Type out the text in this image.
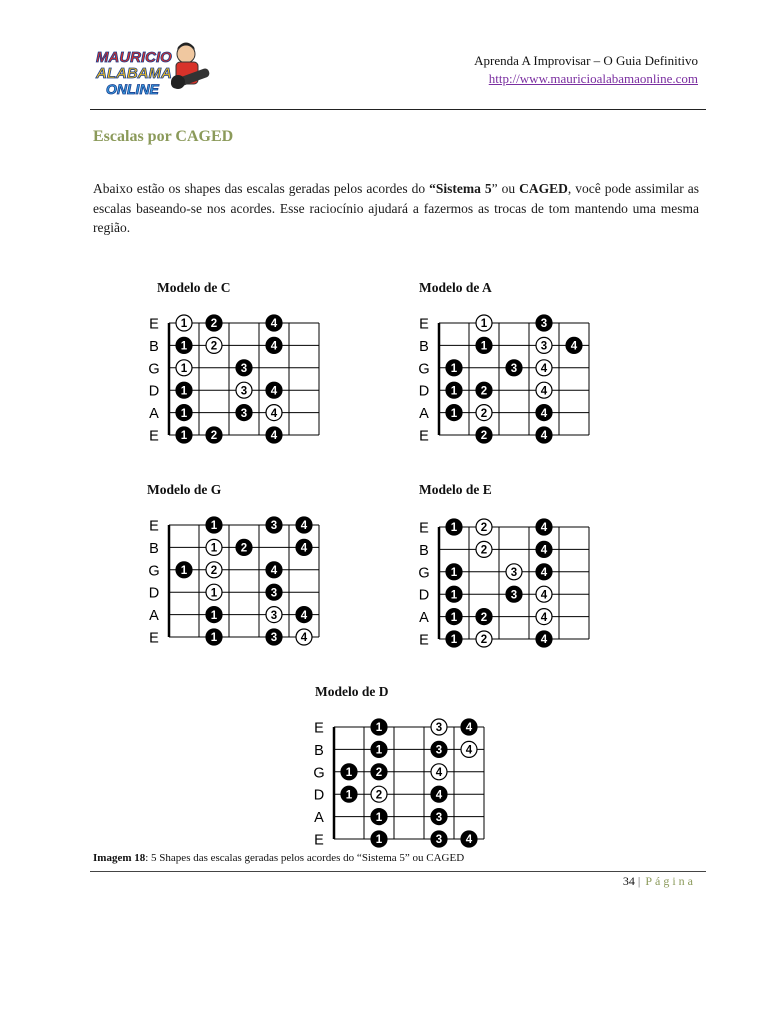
MAURICIO
ALABAMA
ONLINE
Aprenda A Improvisar – O Guia Definitivo
http://www.mauricioalabamaonline.com
Escalas por CAGED

Abaixo estão os shapes das escalas geradas pelos acordes do “Sistema 5” ou CAGED, você pode assimilar as escalas baseando-se nos acordes. Esse raciocínio ajudará a fazermos as trocas de tom mantendo uma mesma região.

Modelo de C	Modelo de A
Modelo de G	Modelo de E
Modelo de D
E
B
G
D
A
E
1 2	4
1 2	4
1	3
1	3 4
1	3 4
1 2	4
E
B
G
D
A
E
1	3
1	3 4
1	3 4
1 2	4
1 2	4
2	4
E
B
G
D
A
E
1	3 4
1 2	4
1 2	4
1	3
1	3 4
1	3 4
E
B
G
D
A
E
1 2	4
2	4
1	3 4
1	3 4
1 2	4
1 2	4
E
B
G
D
A
E
1	3 4
1	3 4
1 2	4
1 2	4
1	3
1	3 4
Imagem 18: 5 Shapes das escalas geradas pelos acordes do “Sistema 5” ou CAGED
34 | Página
